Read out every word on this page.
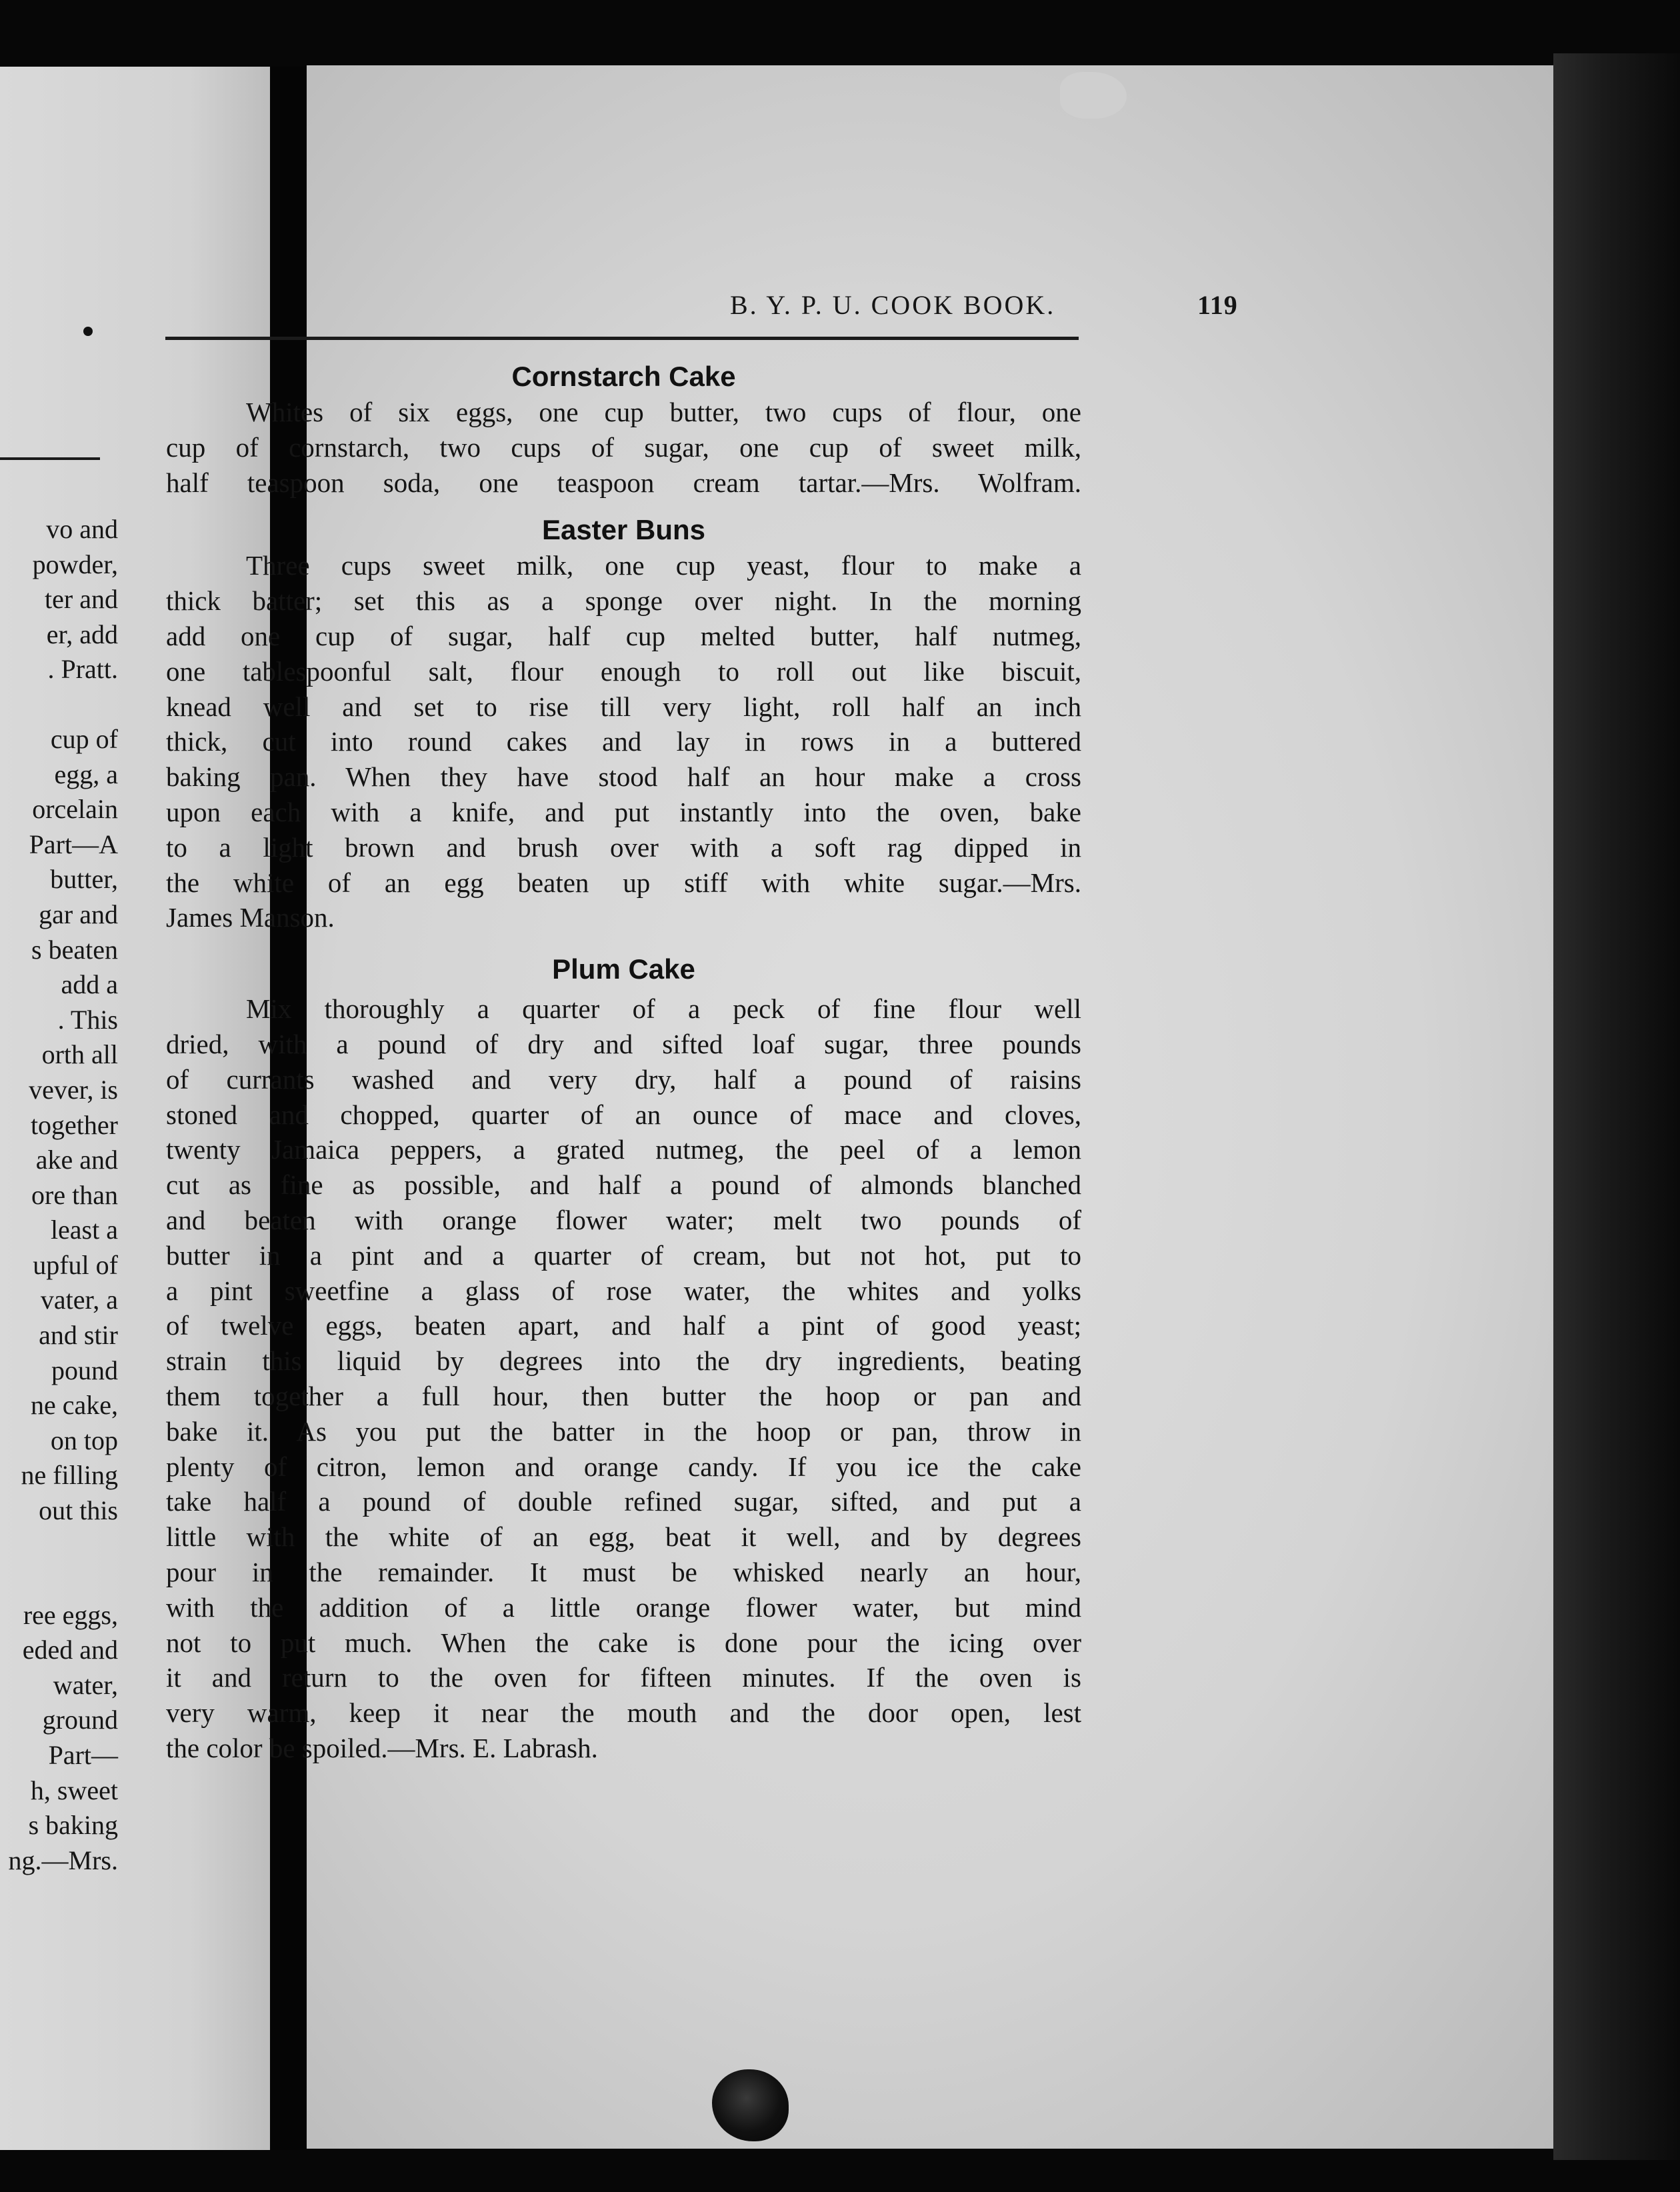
vo and
powder,
ter and
er, add
. Pratt.
cup of
egg, a
orcelain
Part—A
butter,
gar and
s beaten
add a
. This
orth all
vever, is
together
ake and
ore than
least a
upful of
vater, a
and stir
pound
ne cake,
on top
ne filling
out this
ree eggs,
eded and
water,
ground
Part—
h, sweet
s baking
ng.—Mrs.
B. Y. P. U. COOK BOOK.	119
Cornstarch Cake
Whites of six eggs, one cup butter, two cups of flour, one
cup of cornstarch, two cups of sugar, one cup of sweet milk,
half teaspoon soda, one teaspoon cream tartar.—Mrs. Wolfram.
Easter Buns
Three cups sweet milk, one cup yeast, flour to make a
thick batter; set this as a sponge over night. In the morning
add one cup of sugar, half cup melted butter, half nutmeg,
one tablespoonful salt, flour enough to roll out like biscuit,
knead well and set to rise till very light, roll half an inch
thick, cut into round cakes and lay in rows in a buttered
baking pan. When they have stood half an hour make a cross
upon each with a knife, and put instantly into the oven, bake
to a light brown and brush over with a soft rag dipped in
the white of an egg beaten up stiff with white sugar.—Mrs.
James Manson.
Plum Cake
Mix thoroughly a quarter of a peck of fine flour well
dried, with a pound of dry and sifted loaf sugar, three pounds
of currants washed and very dry, half a pound of raisins
stoned and chopped, quarter of an ounce of mace and cloves,
twenty Jamaica peppers, a grated nutmeg, the peel of a lemon
cut as fine as possible, and half a pound of almonds blanched
and beaten with orange flower water; melt two pounds of
butter in a pint and a quarter of cream, but not hot, put to
a pint sweetfine a glass of rose water, the whites and yolks
of twelve eggs, beaten apart, and half a pint of good yeast;
strain this liquid by degrees into the dry ingredients, beating
them together a full hour, then butter the hoop or pan and
bake it. As you put the batter in the hoop or pan, throw in
plenty of citron, lemon and orange candy. If you ice the cake
take half a pound of double refined sugar, sifted, and put a
little with the white of an egg, beat it well, and by degrees
pour in the remainder. It must be whisked nearly an hour,
with the addition of a little orange flower water, but mind
not to put much. When the cake is done pour the icing over
it and return to the oven for fifteen minutes. If the oven is
very warm, keep it near the mouth and the door open, lest
the color be spoiled.—Mrs. E. Labrash.
